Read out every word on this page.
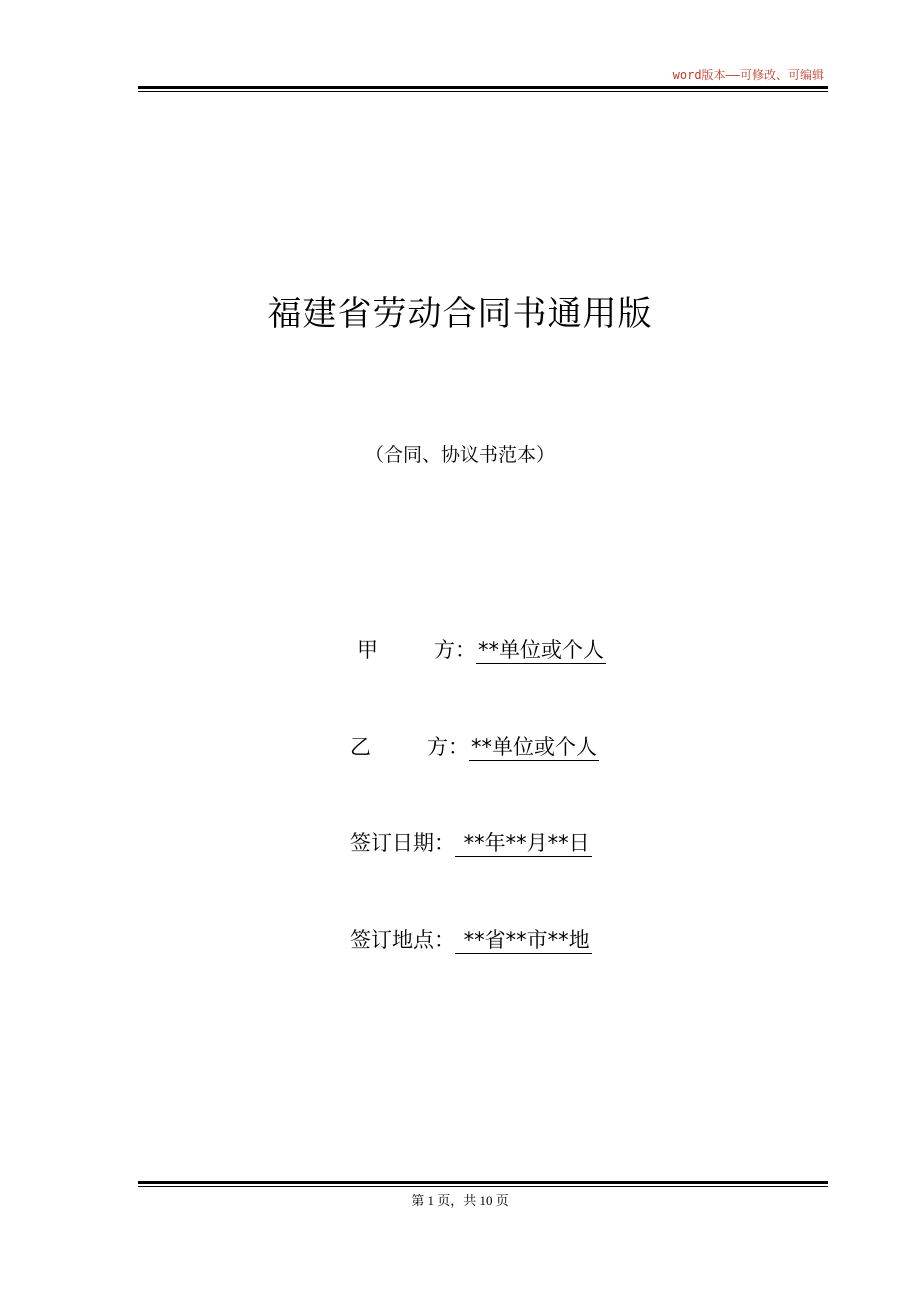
word版本——可修改、可编辑
福建省劳动合同书通用版
（合同、协议书范本）
甲	方：**单位或个人
乙	方：**单位或个人
签订日期： **年**月**日
签订地点： **省**市**地
第 1 页，共 10 页
